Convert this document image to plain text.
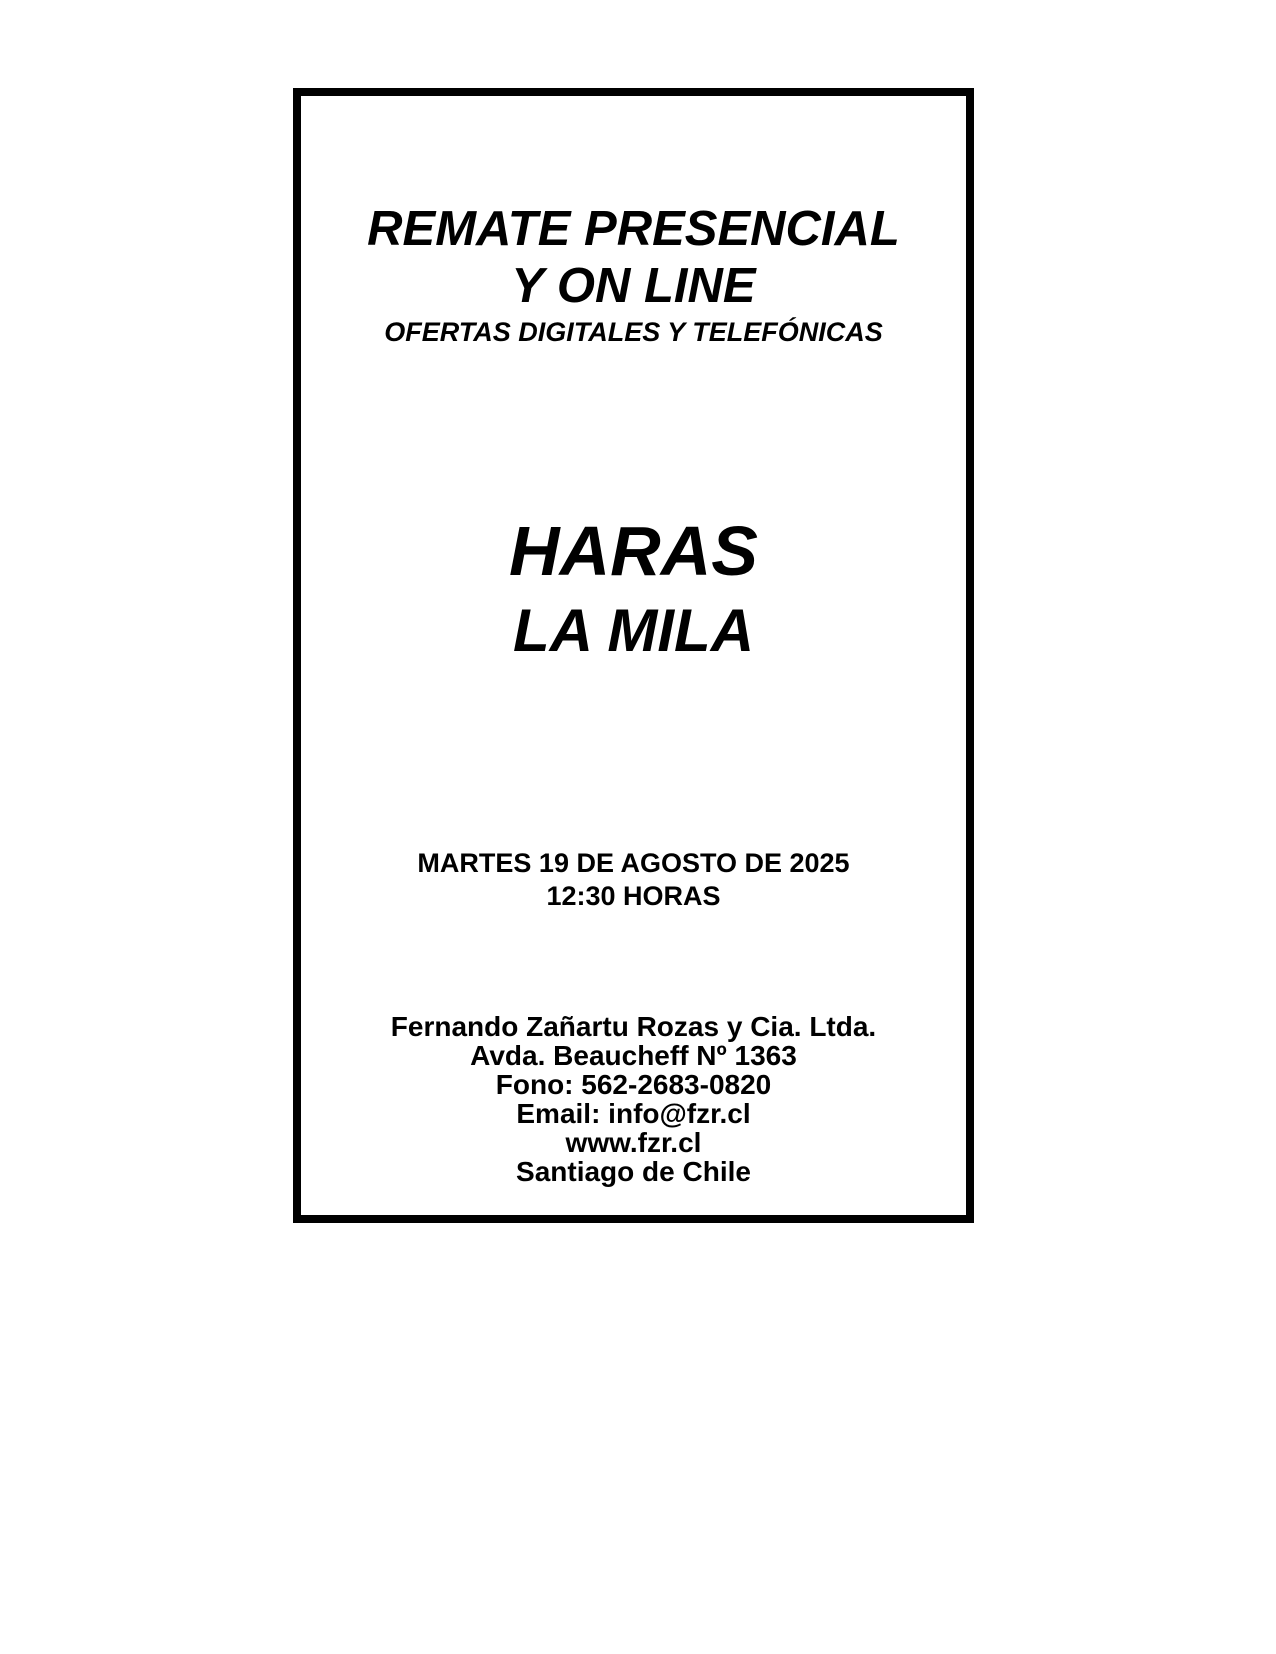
REMATE PRESENCIAL
Y ON LINE
OFERTAS DIGITALES Y TELEFÓNICAS
HARAS
LA MILA
MARTES 19 DE AGOSTO DE 2025
12:30 HORAS
Fernando Zañartu Rozas y Cia. Ltda.
Avda. Beaucheff Nº 1363
Fono: 562-2683-0820
Email: info@fzr.cl
www.fzr.cl
Santiago de Chile
